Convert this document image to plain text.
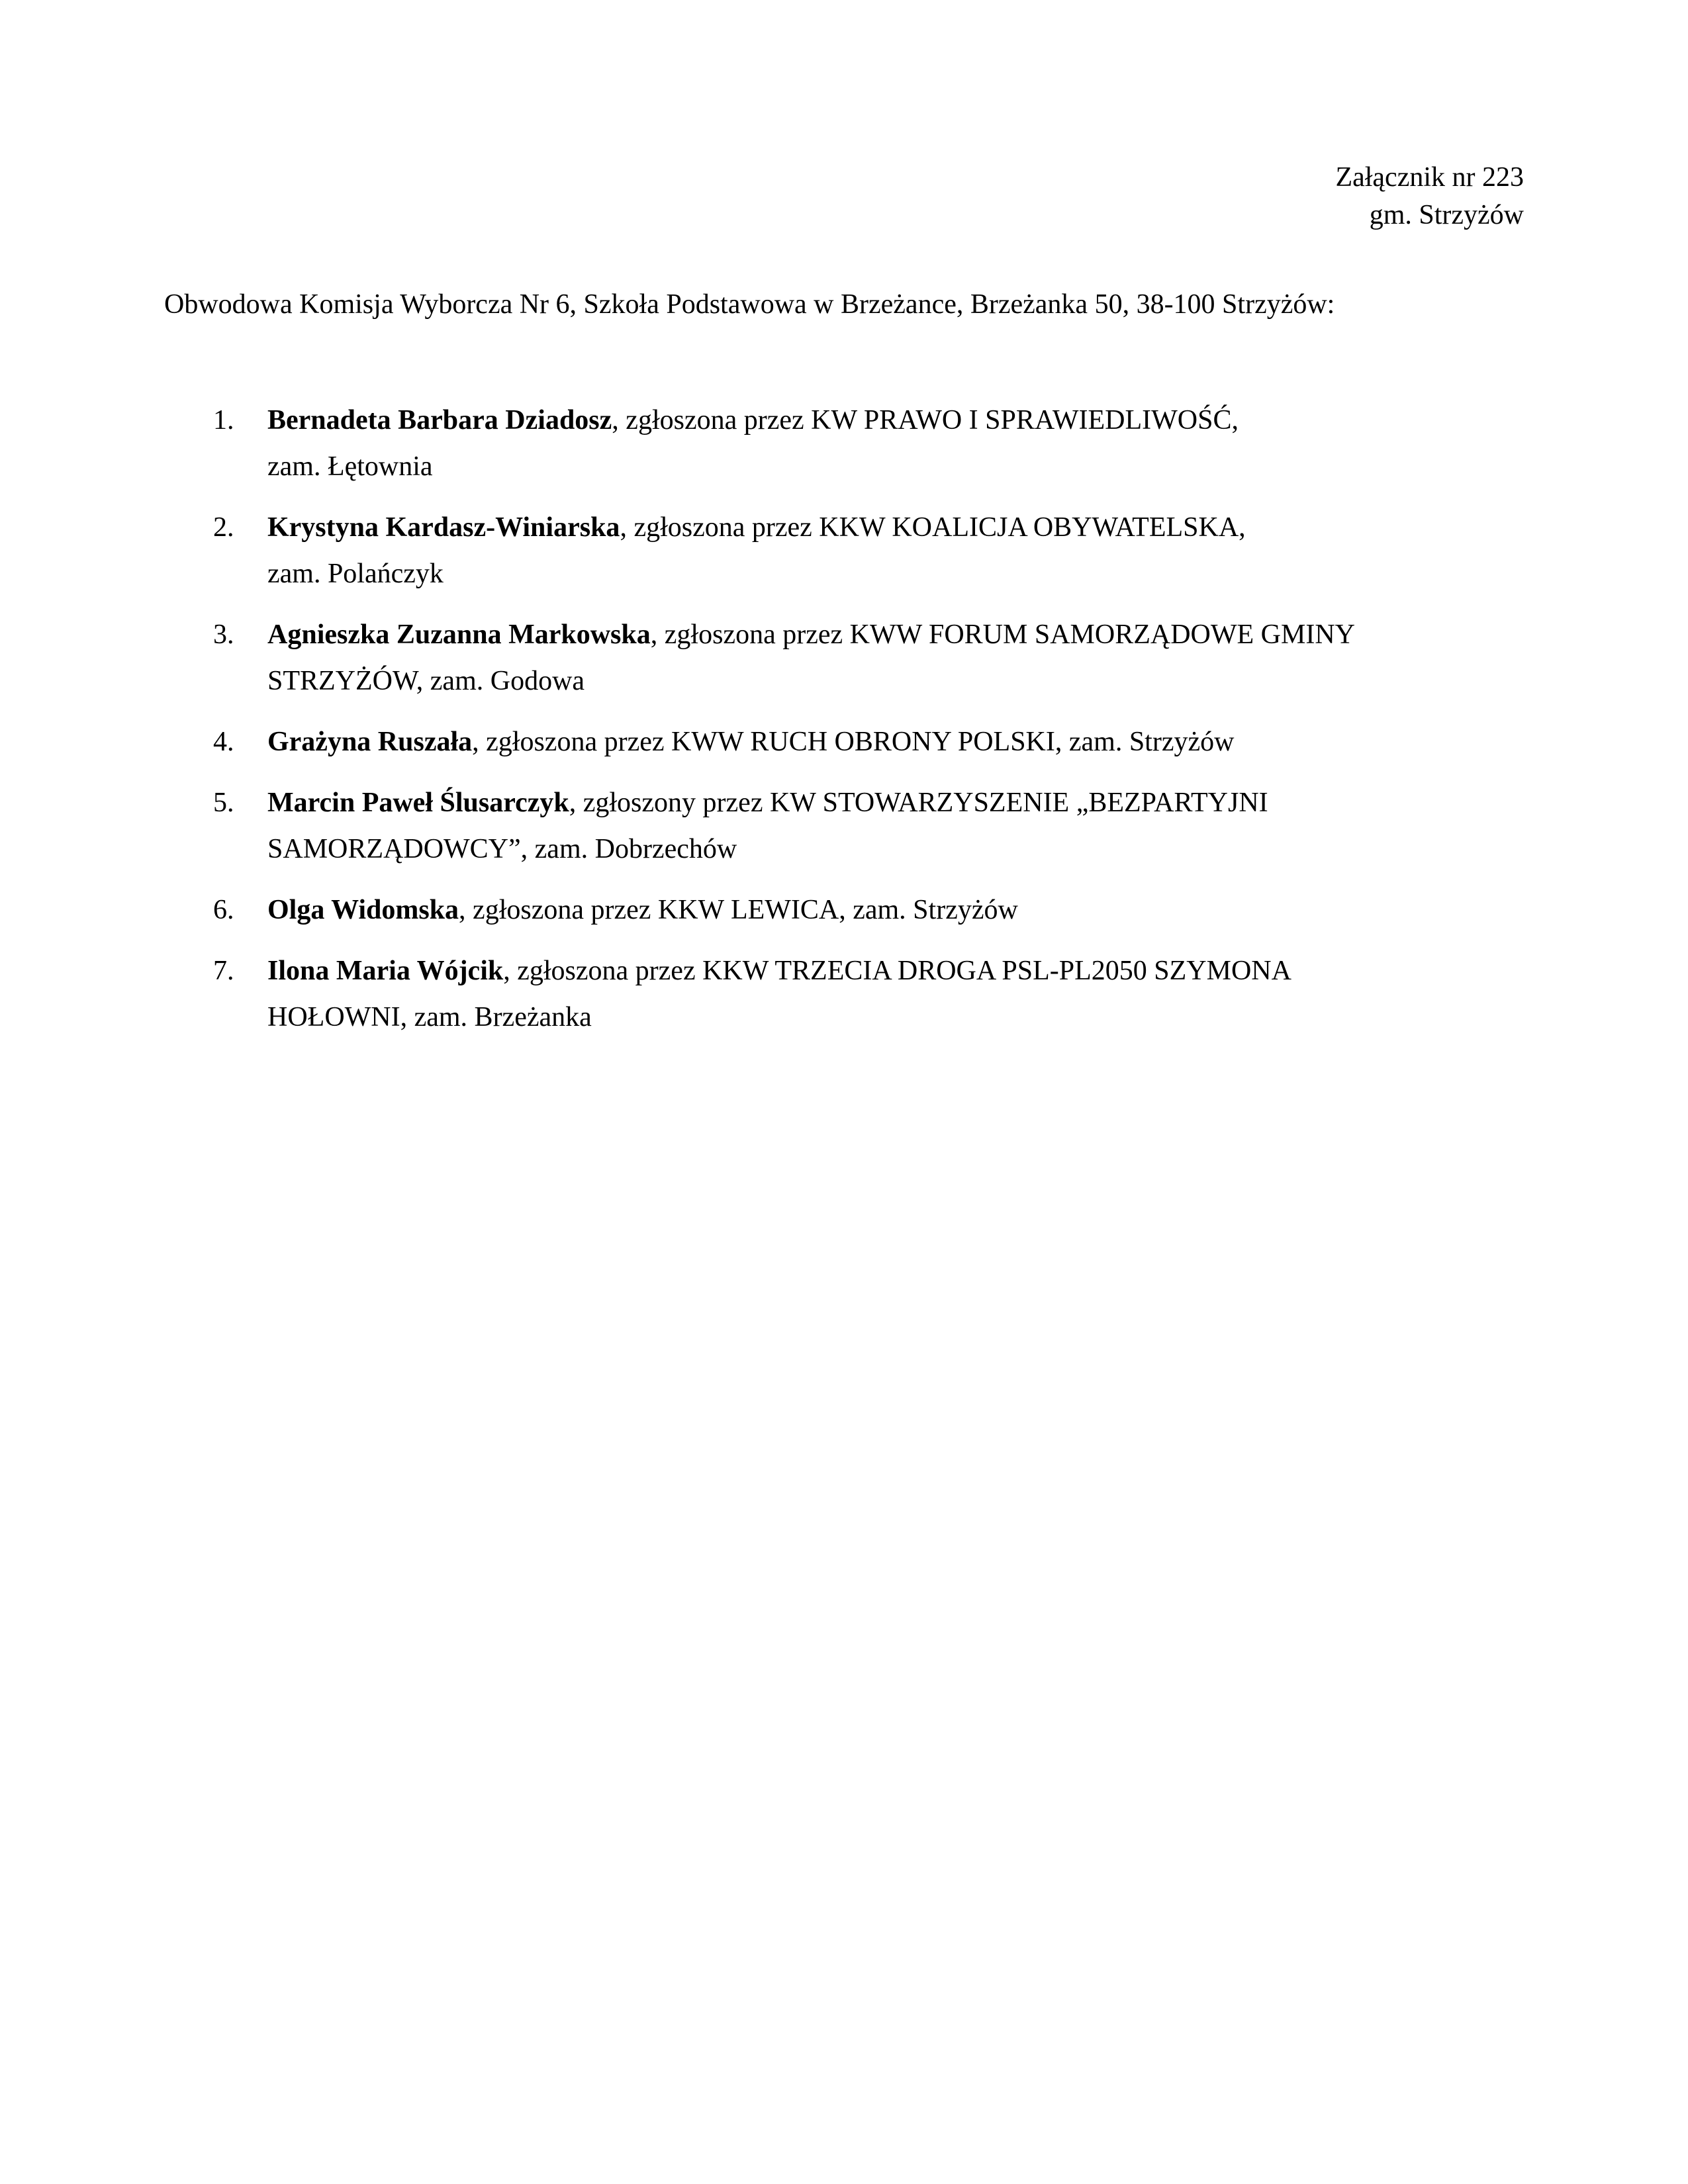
Załącznik nr 223
gm. Strzyżów
Obwodowa Komisja Wyborcza Nr 6, Szkoła Podstawowa w Brzeżance, Brzeżanka 50, 38-100 Strzyżów:
1. Bernadeta Barbara Dziadosz, zgłoszona przez KW PRAWO I SPRAWIEDLIWOŚĆ,
zam. Łętownia
2. Krystyna Kardasz-Winiarska, zgłoszona przez KKW KOALICJA OBYWATELSKA,
zam. Polańczyk
3. Agnieszka Zuzanna Markowska, zgłoszona przez KWW FORUM SAMORZĄDOWE GMINY
STRZYŻÓW, zam. Godowa
4. Grażyna Ruszała, zgłoszona przez KWW RUCH OBRONY POLSKI, zam. Strzyżów
5. Marcin Paweł Ślusarczyk, zgłoszony przez KW STOWARZYSZENIE „BEZPARTYJNI
SAMORZĄDOWCY”, zam. Dobrzechów
6. Olga Widomska, zgłoszona przez KKW LEWICA, zam. Strzyżów
7. Ilona Maria Wójcik, zgłoszona przez KKW TRZECIA DROGA PSL-PL2050 SZYMONA
HOŁOWNI, zam. Brzeżanka
